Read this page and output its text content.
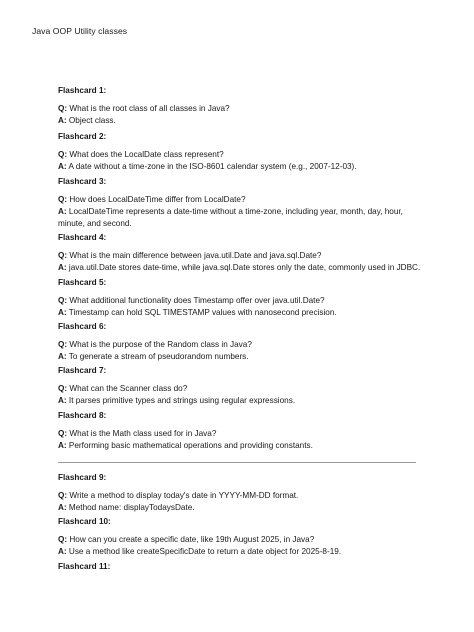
Java OOP Utility classes
Flashcard 1:
Q: What is the root class of all classes in Java?
A: Object class.
Flashcard 2:
Q: What does the LocalDate class represent?
A: A date without a time-zone in the ISO-8601 calendar system (e.g., 2007-12-03).
Flashcard 3:
Q: How does LocalDateTime differ from LocalDate?
A: LocalDateTime represents a date-time without a time-zone, including year, month, day, hour, minute, and second.
Flashcard 4:
Q: What is the main difference between java.util.Date and java.sql.Date?
A: java.util.Date stores date-time, while java.sql.Date stores only the date, commonly used in JDBC.
Flashcard 5:
Q: What additional functionality does Timestamp offer over java.util.Date?
A: Timestamp can hold SQL TIMESTAMP values with nanosecond precision.
Flashcard 6:
Q: What is the purpose of the Random class in Java?
A: To generate a stream of pseudorandom numbers.
Flashcard 7:
Q: What can the Scanner class do?
A: It parses primitive types and strings using regular expressions.
Flashcard 8:
Q: What is the Math class used for in Java?
A: Performing basic mathematical operations and providing constants.
Flashcard 9:
Q: Write a method to display today's date in YYYY-MM-DD format.
A: Method name: displayTodaysDate.
Flashcard 10:
Q: How can you create a specific date, like 19th August 2025, in Java?
A: Use a method like createSpecificDate to return a date object for 2025-8-19.
Flashcard 11:
